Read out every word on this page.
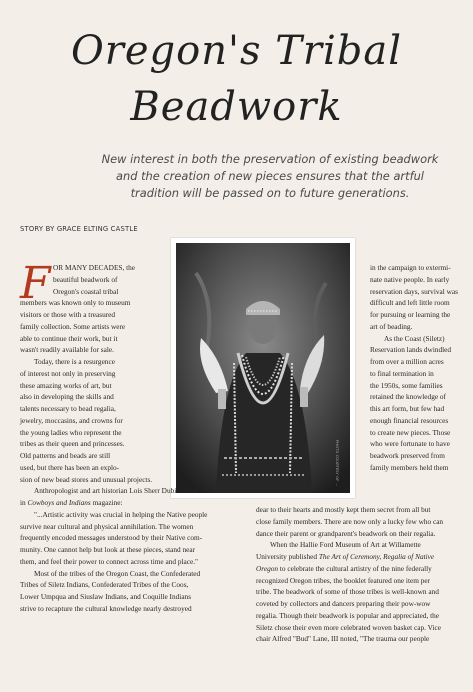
Oregon's Tribal
Beadwork
New interest in both the preservation of existing beadwork and the creation of new pieces ensures that the artful tradition will be passed on to future generations.
STORY BY GRACE ELTING CASTLE
PHOTO COURTESY OF ...
F OR MANY DECADES, the
beautiful beadwork of
Oregon's coastal tribal
members was known only to museum
visitors or those with a treasured
family collection. Some artists were
able to continue their work, but it
wasn't readily available for sale.
Today, there is a resurgence
of interest not only in preserving
these amazing works of art, but
also in developing the skills and
talents necessary to bead regalia,
jewelry, moccasins, and crowns for
the young ladies who represent the
tribes as their queen and princesses.
Old patterns and beads are still
used, but there has been an explo-
sion of new bead stores and unusual projects.
Anthropologist and art historian Lois Sherr Dubin noted
in Cowboys and Indians magazine:
"...Artistic activity was crucial in helping the Native people
survive near cultural and physical annihilation. The women
frequently encoded messages understood by their Native com-
munity. One cannot help but look at these pieces, stand near
them, and feel their power to connect across time and place."
Most of the tribes of the Oregon Coast, the Confederated
Tribes of Siletz Indians, Confederated Tribes of the Coos,
Lower Umpqua and Siuslaw Indians, and Coquille Indians
strive to recapture the cultural knowledge nearly destroyed
in the campaign to extermi-
nate native people. In early
reservation days, survival was
difficult and left little room
for pursuing or learning the
art of beading.
As the Coast (Siletz)
Reservation lands dwindled
from over a million acres
to final termination in
the 1950s, some families
retained the knowledge of
this art form, but few had
enough financial resources
to create new pieces. Those
who were fortunate to have
beadwork preserved from
family members held them
dear to their hearts and mostly kept them secret from all but
close family members. There are now only a lucky few who can
dance their parent or grandparent's beadwork on their regalia.
When the Hallie Ford Museum of Art at Willamette
University published The Art of Ceremony, Regalia of Native
Oregon to celebrate the cultural artistry of the nine federally
recognized Oregon tribes, the booklet featured one item per
tribe. The beadwork of some of those tribes is well-known and
coveted by collectors and dancers preparing their pow-wow
regalia. Though their beadwork is popular and appreciated, the
Siletz chose their even more celebrated woven basket cap. Vice
chair Alfred "Bud" Lane, III noted, "The trauma our people
